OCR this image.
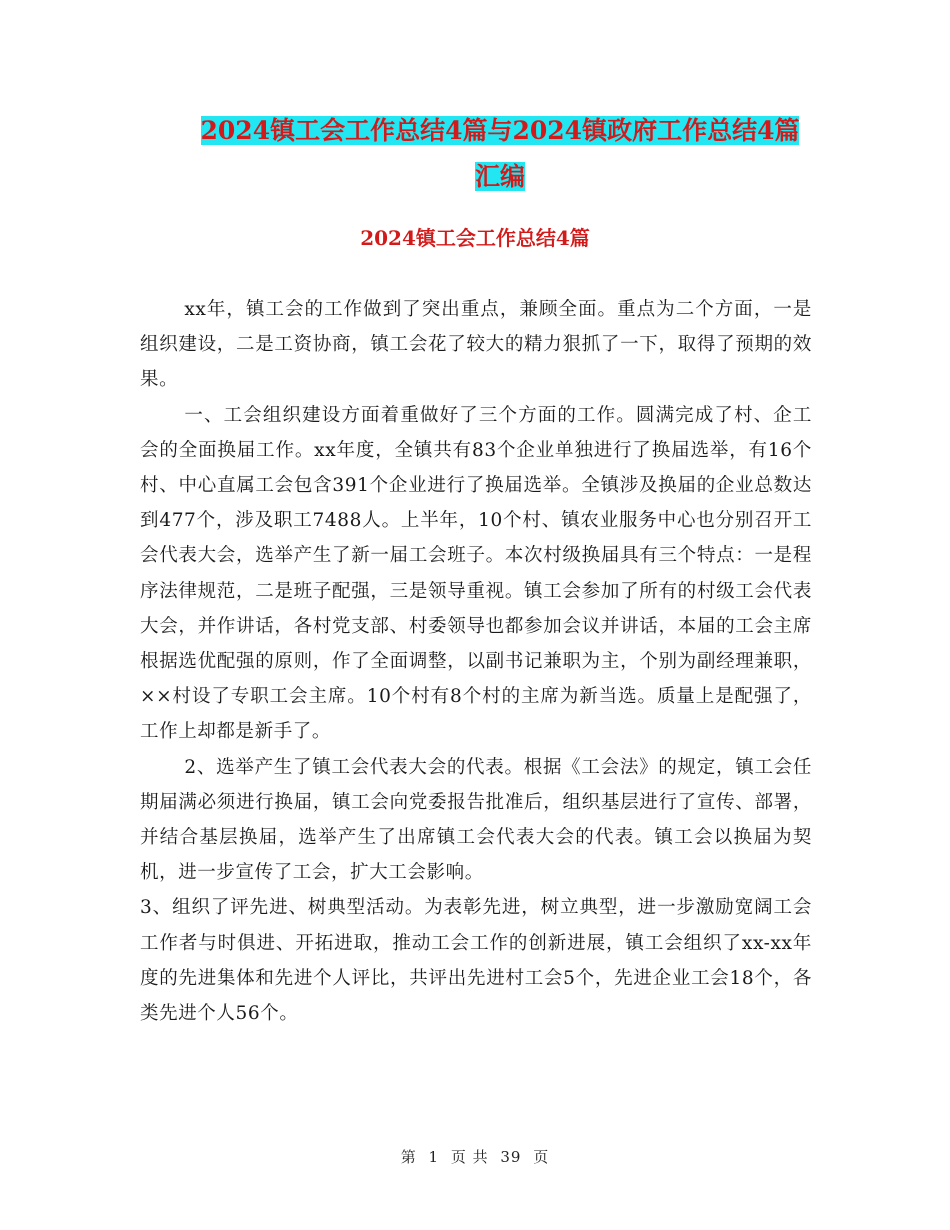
2024镇工会工作总结4篇与2024镇政府工作总结4篇
汇编
2024镇工会工作总结4篇

xx年，镇工会的工作做到了突出重点，兼顾全面。重点为二个方面，一是组织建设，二是工资协商，镇工会花了较大的精力狠抓了一下，取得了预期的效果。

一、工会组织建设方面着重做好了三个方面的工作。圆满完成了村、企工会的全面换届工作。xx年度，全镇共有83个企业单独进行了换届选举，有16个村、中心直属工会包含391个企业进行了换届选举。全镇涉及换届的企业总数达到477个，涉及职工7488人。上半年，10个村、镇农业服务中心也分别召开工会代表大会，选举产生了新一届工会班子。本次村级换届具有三个特点：一是程序法律规范，二是班子配强，三是领导重视。镇工会参加了所有的村级工会代表大会，并作讲话，各村党支部、村委领导也都参加会议并讲话，本届的工会主席根据选优配强的原则，作了全面调整，以副书记兼职为主，个别为副经理兼职，××村设了专职工会主席。10个村有8个村的主席为新当选。质量上是配强了，工作上却都是新手了。

2、选举产生了镇工会代表大会的代表。根据《工会法》的规定，镇工会任期届满必须进行换届，镇工会向党委报告批准后，组织基层进行了宣传、部署，并结合基层换届，选举产生了出席镇工会代表大会的代表。镇工会以换届为契机，进一步宣传了工会，扩大工会影响。

3、组织了评先进、树典型活动。为表彰先进，树立典型，进一步激励宽阔工会工作者与时俱进、开拓进取，推动工会工作的创新进展，镇工会组织了xx-xx年度的先进集体和先进个人评比，共评出先进村工会5个，先进企业工会18个，各类先进个人56个。

第 1 页 共 39 页
